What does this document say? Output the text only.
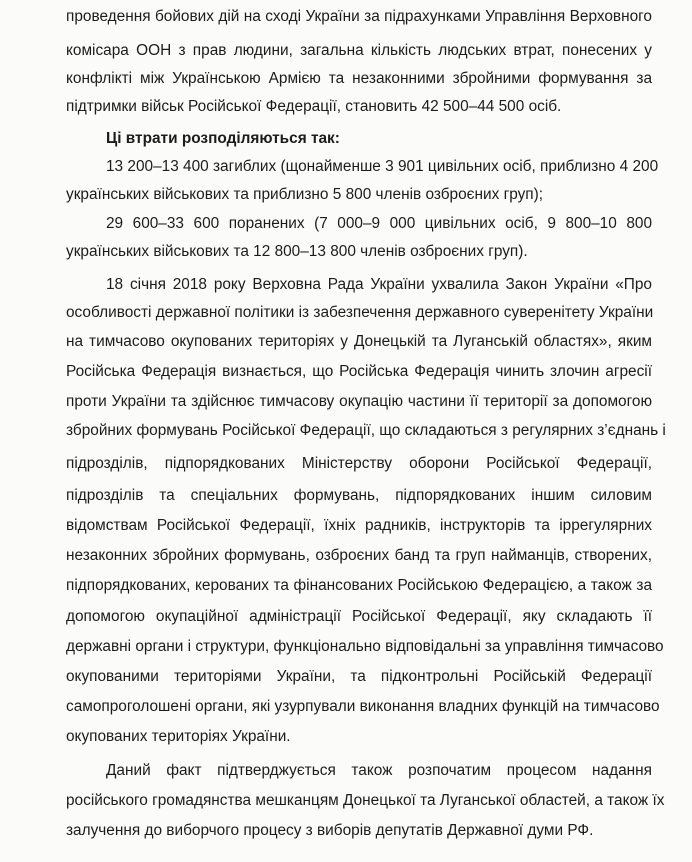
проведення бойових дій на сході України за підрахунками Управління Верховного
комісара ООН з прав людини, загальна кількість людських втрат, понесених у
конфлікті між Українською Армією та незаконними збройними формування за
підтримки військ Російської Федерації, становить 42 500–44 500 осіб.
Ці втрати розподіляються так:
13 200–13 400 загиблих (щонайменше 3 901 цивільних осіб, приблизно 4 200
українських військових та приблизно 5 800 членів озброєних груп);
29 600–33 600 поранених (7 000–9 000 цивільних осіб, 9 800–10 800
українських військових та 12 800–13 800 членів озброєних груп).
18 січня 2018 року Верховна Рада України ухвалила Закон України «Про
особливості державної політики із забезпечення державного суверенітету України
на тимчасово окупованих територіях у Донецькій та Луганській областях», яким
Російська Федерація визнається, що Російська Федерація чинить злочин агресії
проти України та здійснює тимчасову окупацію частини її території за допомогою
збройних формувань Російської Федерації, що складаються з регулярних з’єднань і
підрозділів, підпорядкованих Міністерству оборони Російської Федерації,
підрозділів та спеціальних формувань, підпорядкованих іншим силовим
відомствам Російської Федерації, їхніх радників, інструкторів та іррегулярних
незаконних збройних формувань, озброєних банд та груп найманців, створених,
підпорядкованих, керованих та фінансованих Російською Федерацією, а також за
допомогою окупаційної адміністрації Російської Федерації, яку складають її
державні органи і структури, функціонально відповідальні за управління тимчасово
окупованими територіями України, та підконтрольні Російській Федерації
самопроголошені органи, які узурпували виконання владних функцій на тимчасово
окупованих територіях України.
Даний факт підтверджується також розпочатим процесом надання
російського громадянства мешканцям Донецької та Луганської областей, а також їх
залучення до виборчого процесу з виборів депутатів Державної думи РФ.
